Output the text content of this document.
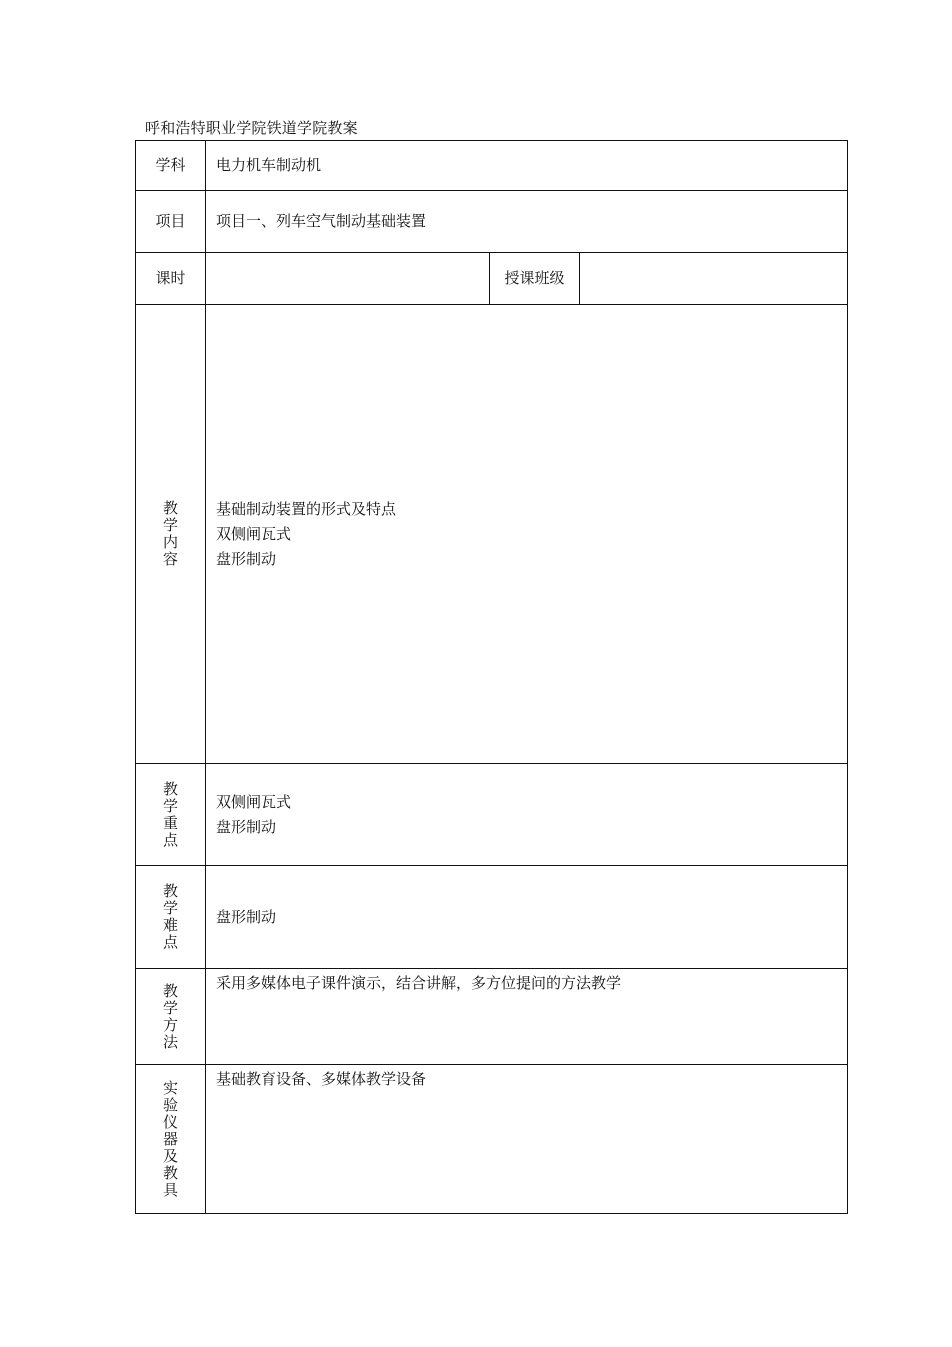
呼和浩特职业学院铁道学院教案
学科	电力机车制动机		

项目	项目一、列车空气制动基础装置		

课时		授课班级	

教学内容	基础制动装置的形式及特点
双侧闸瓦式
盘形制动		

教学重点	双侧闸瓦式
盘形制动		

教学难点	盘形制动		

教学方法	采用多媒体电子课件演示，结合讲解，多方位提问的方法教学		

实验仪器及教具	基础教育设备、多媒体教学设备		
